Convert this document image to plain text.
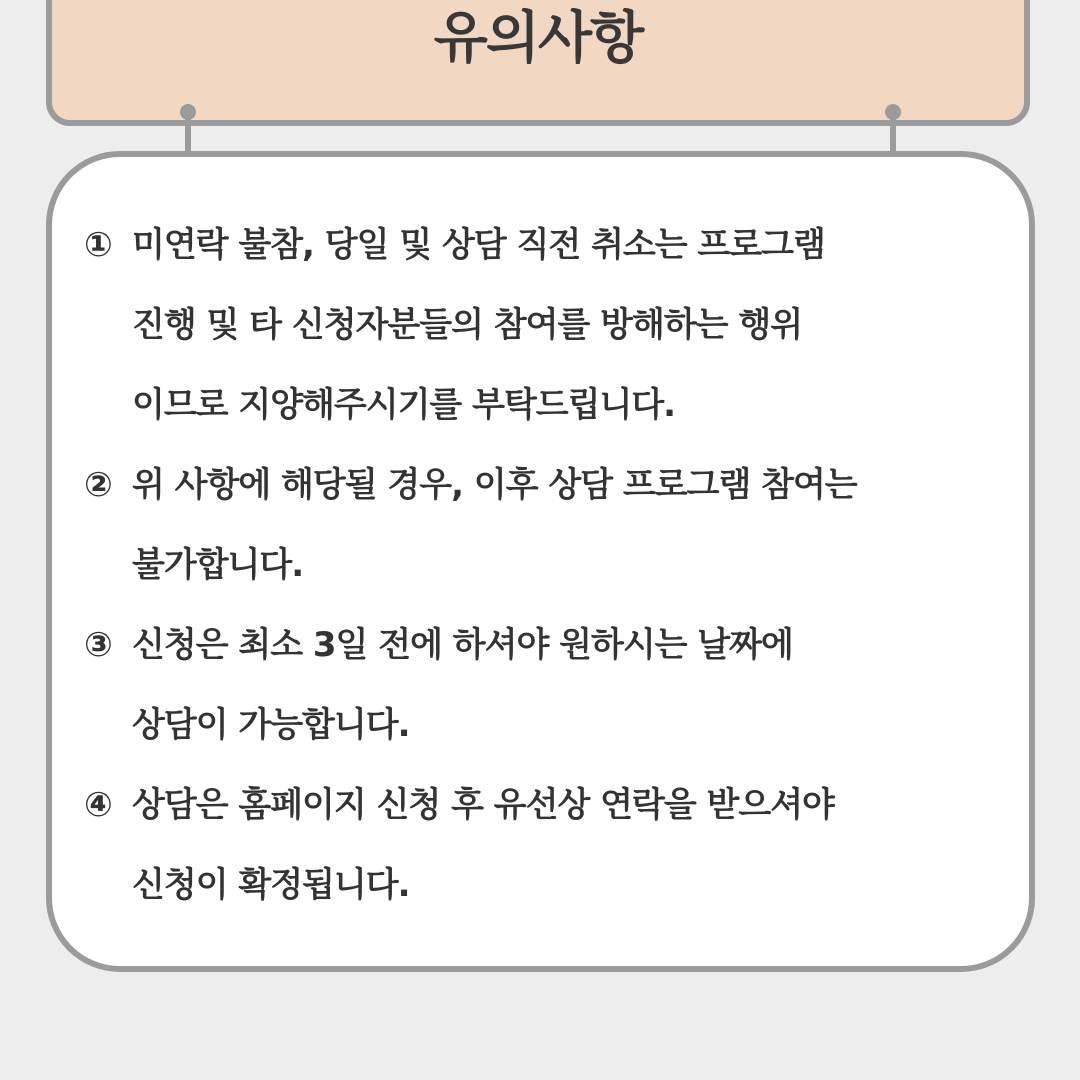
유의사항
① 미연락 불참, 당일 및 상담 직전 취소는 프로그램
진행 및 타 신청자분들의 참여를 방해하는 행위
이므로 지양해주시기를 부탁드립니다.
② 위 사항에 해당될 경우, 이후 상담 프로그램 참여는
불가합니다.
③ 신청은 최소 3일 전에 하셔야 원하시는 날짜에
상담이 가능합니다.
④ 상담은 홈페이지 신청 후 유선상 연락을 받으셔야
신청이 확정됩니다.
